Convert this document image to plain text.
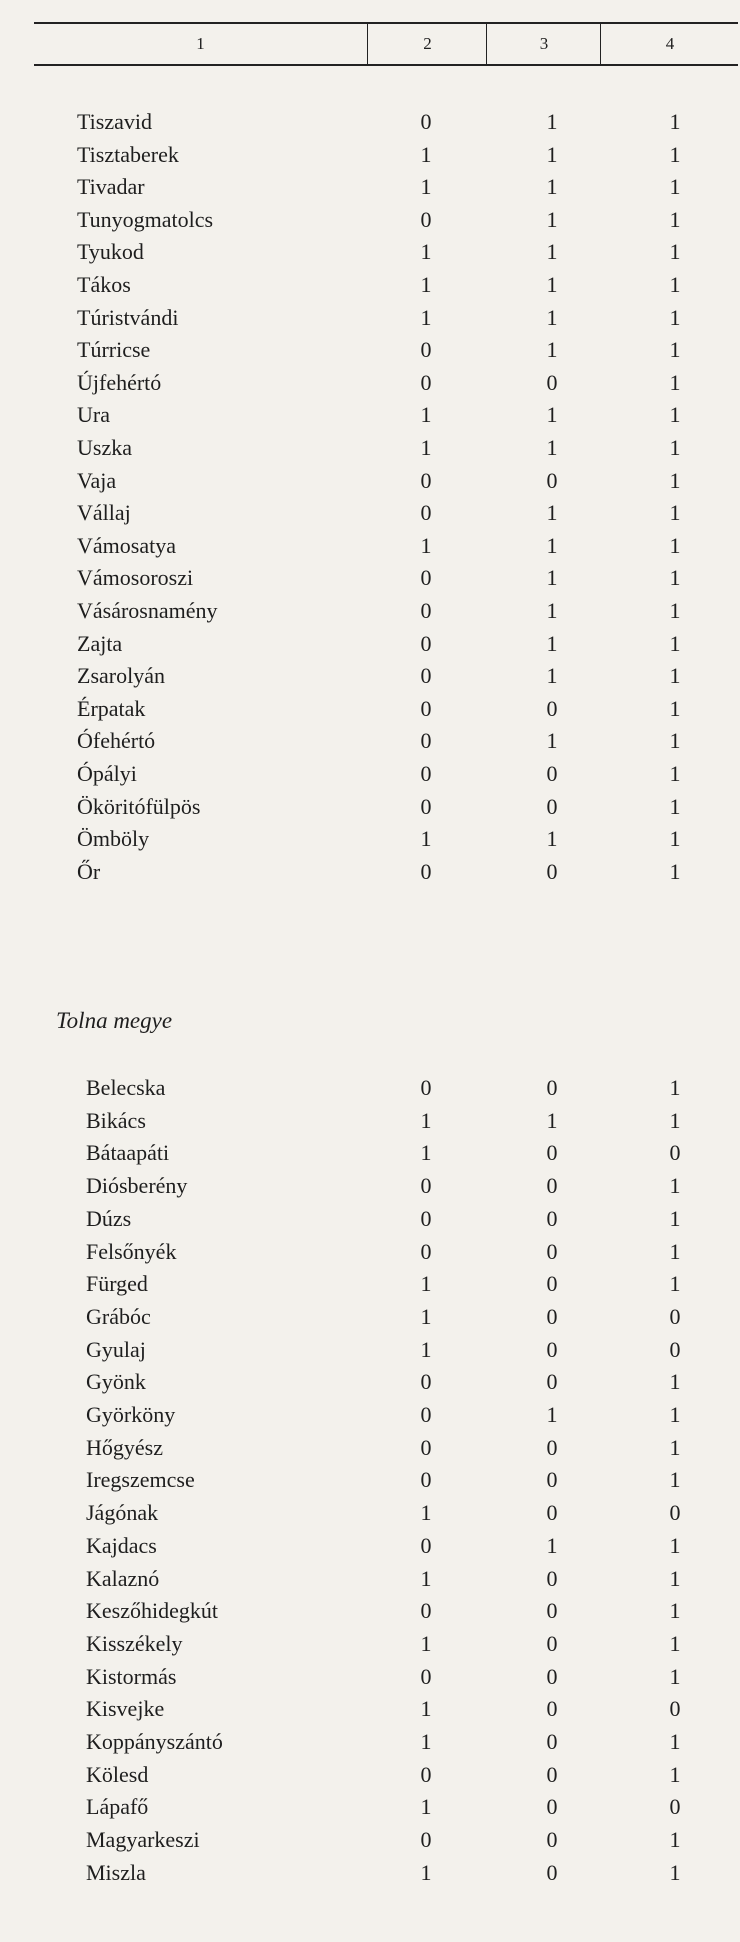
1	2	3	4
Tiszavid	0	1	1
Tisztaberek	1	1	1
Tivadar	1	1	1
Tunyogmatolcs	0	1	1
Tyukod	1	1	1
Tákos	1	1	1
Túristvándi	1	1	1
Túrricse	0	1	1
Újfehértó	0	0	1
Ura	1	1	1
Uszka	1	1	1
Vaja	0	0	1
Vállaj	0	1	1
Vámosatya	1	1	1
Vámosoroszi	0	1	1
Vásárosnamény	0	1	1
Zajta	0	1	1
Zsarolyán	0	1	1
Érpatak	0	0	1
Ófehértó	0	1	1
Ópályi	0	0	1
Ököritófülpös	0	0	1
Ömböly	1	1	1
Őr	0	0	1
Tolna megye
Belecska	0	0	1
Bikács	1	1	1
Bátaapáti	1	0	0
Diósberény	0	0	1
Dúzs	0	0	1
Felsőnyék	0	0	1
Fürged	1	0	1
Grábóc	1	0	0
Gyulaj	1	0	0
Gyönk	0	0	1
Györköny	0	1	1
Hőgyész	0	0	1
Iregszemcse	0	0	1
Jágónak	1	0	0
Kajdacs	0	1	1
Kalaznó	1	0	1
Keszőhidegkút	0	0	1
Kisszékely	1	0	1
Kistormás	0	0	1
Kisvejke	1	0	0
Koppányszántó	1	0	1
Kölesd	0	0	1
Lápafő	1	0	0
Magyarkeszi	0	0	1
Miszla	1	0	1
